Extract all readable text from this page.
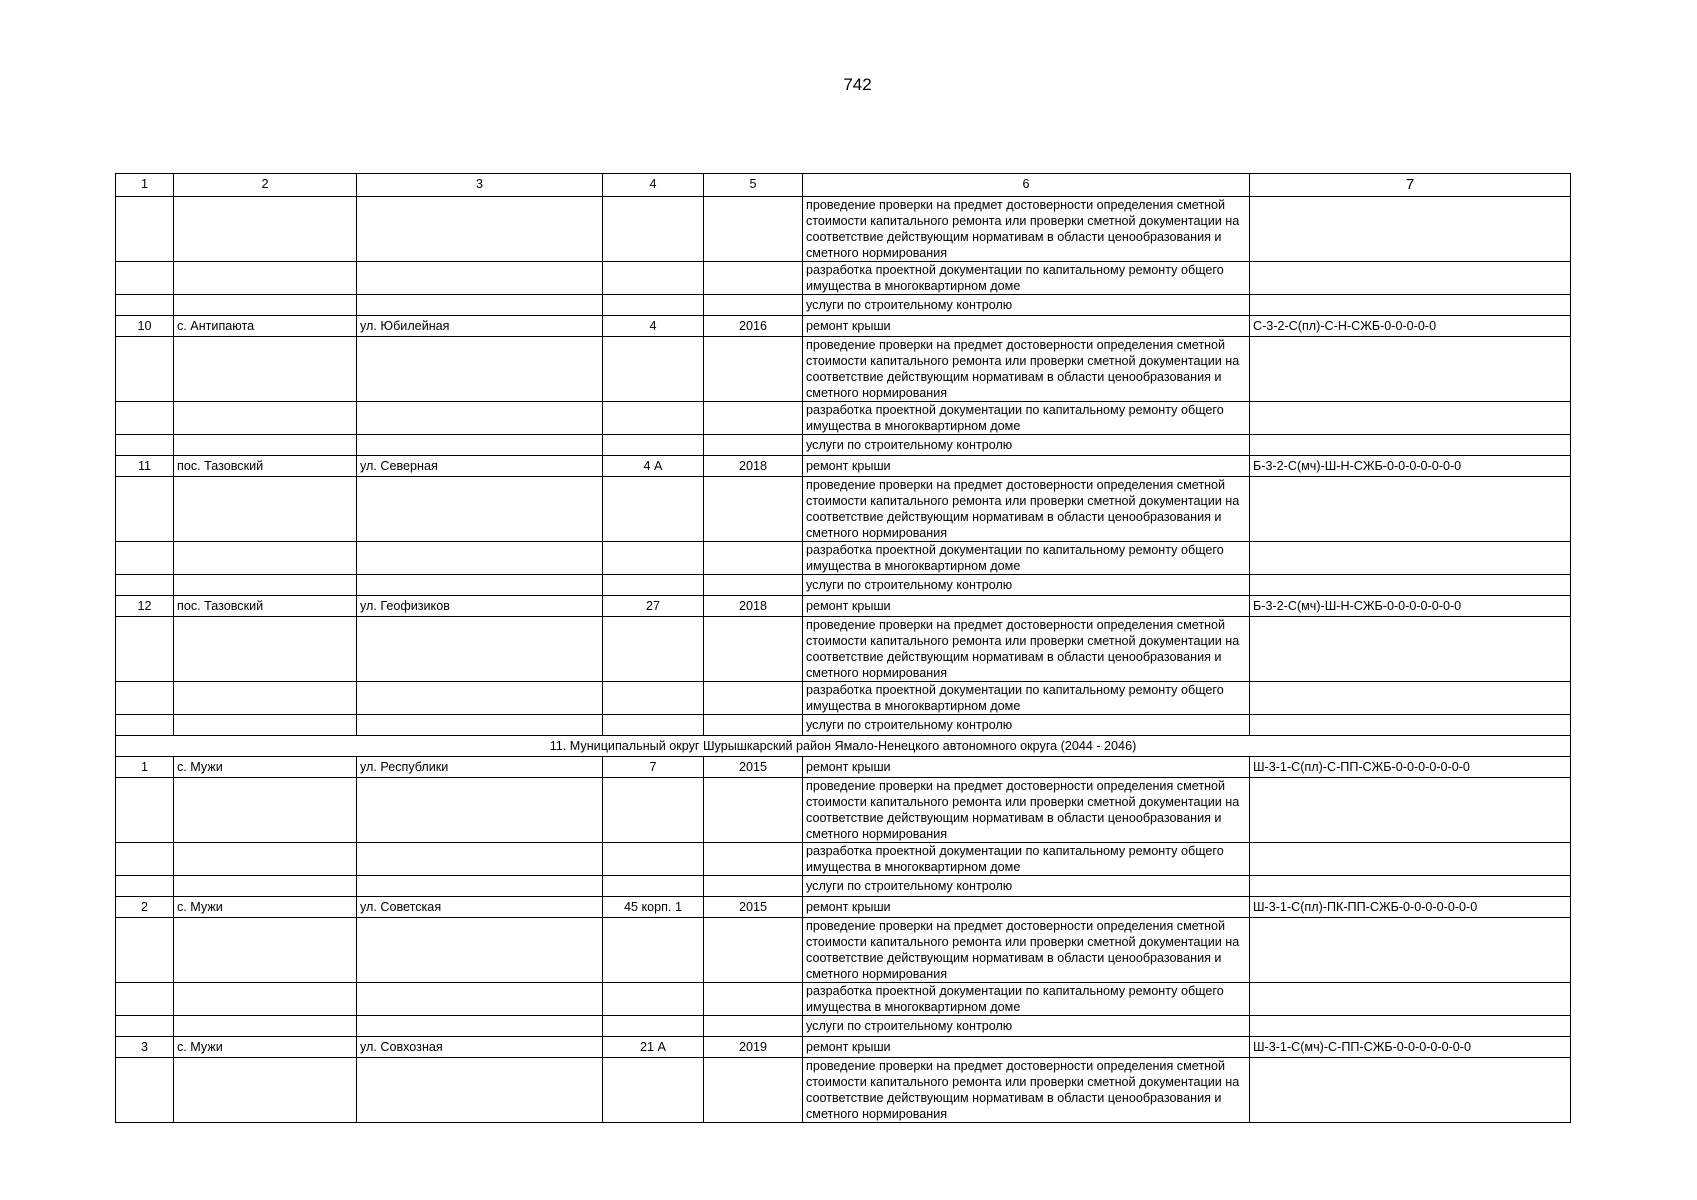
742
1	2	3	4	5	6	7
					проведение проверки на предмет достоверности определения сметной стоимости капитального ремонта или проверки сметной документации на соответствие действующим нормативам в области ценообразования и сметного нормирования	
					разработка проектной документации по капитальному ремонту общего имущества в многоквартирном доме	
					услуги по строительному контролю	
10	с. Антипаюта	ул. Юбилейная	4	2016	ремонт крыши	С-3-2-С(пл)-С-Н-СЖБ-0-0-0-0-0
					проведение проверки на предмет достоверности определения сметной стоимости капитального ремонта или проверки сметной документации на соответствие действующим нормативам в области ценообразования и сметного нормирования	
					разработка проектной документации по капитальному ремонту общего имущества в многоквартирном доме	
					услуги по строительному контролю	
11	пос. Тазовский	ул. Северная	4 А	2018	ремонт крыши	Б-3-2-С(мч)-Ш-Н-СЖБ-0-0-0-0-0-0-0
					проведение проверки на предмет достоверности определения сметной стоимости капитального ремонта или проверки сметной документации на соответствие действующим нормативам в области ценообразования и сметного нормирования	
					разработка проектной документации по капитальному ремонту общего имущества в многоквартирном доме	
					услуги по строительному контролю	
12	пос. Тазовский	ул. Геофизиков	27	2018	ремонт крыши	Б-3-2-С(мч)-Ш-Н-СЖБ-0-0-0-0-0-0-0
					проведение проверки на предмет достоверности определения сметной стоимости капитального ремонта или проверки сметной документации на соответствие действующим нормативам в области ценообразования и сметного нормирования	
					разработка проектной документации по капитальному ремонту общего имущества в многоквартирном доме	
					услуги по строительному контролю	
11. Муниципальный округ Шурышкарский район Ямало-Ненецкого автономного округа (2044 - 2046)						
1	с. Мужи	ул. Республики	7	2015	ремонт крыши	Ш-3-1-С(пл)-С-ПП-СЖБ-0-0-0-0-0-0-0
					проведение проверки на предмет достоверности определения сметной стоимости капитального ремонта или проверки сметной документации на соответствие действующим нормативам в области ценообразования и сметного нормирования	
					разработка проектной документации по капитальному ремонту общего имущества в многоквартирном доме	
					услуги по строительному контролю	
2	с. Мужи	ул. Советская	45 корп. 1	2015	ремонт крыши	Ш-3-1-С(пл)-ПК-ПП-СЖБ-0-0-0-0-0-0-0
					проведение проверки на предмет достоверности определения сметной стоимости капитального ремонта или проверки сметной документации на соответствие действующим нормативам в области ценообразования и сметного нормирования	
					разработка проектной документации по капитальному ремонту общего имущества в многоквартирном доме	
					услуги по строительному контролю	
3	с. Мужи	ул. Совхозная	21 А	2019	ремонт крыши	Ш-3-1-С(мч)-С-ПП-СЖБ-0-0-0-0-0-0-0
					проведение проверки на предмет достоверности определения сметной стоимости капитального ремонта или проверки сметной документации на соответствие действующим нормативам в области ценообразования и сметного нормирования	
